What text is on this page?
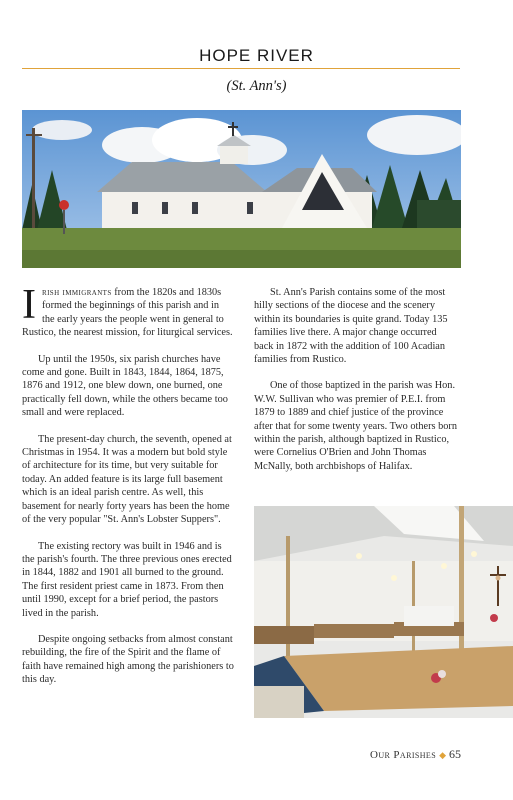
HOPE RIVER
(St. Ann's)

Irish immigrants from the 1820s and 1830s formed the beginnings of this parish and in the early years the people went in general to Rustico, the nearest mission, for liturgical services.

Up until the 1950s, six parish churches have come and gone. Built in 1843, 1844, 1864, 1875, 1876 and 1912, one blew down, one burned, one practically fell down, while the others became too small and were replaced.

The present-day church, the seventh, opened at Christmas in 1954. It was a modern but bold style of architecture for its time, but very suitable for today. An added feature is its large full basement which is an ideal parish centre. As well, this basement for nearly forty years has been the home of the very popular "St. Ann's Lobster Suppers".

The existing rectory was built in 1946 and is the parish's fourth. The three previous ones erected in 1844, 1882 and 1901 all burned to the ground. The first resident priest came in 1873. From then until 1990, except for a brief period, the pastors lived in the parish.

Despite ongoing setbacks from almost constant rebuilding, the fire of the Spirit and the flame of faith have remained high among the parishioners to this day.

St. Ann's Parish contains some of the most hilly sections of the diocese and the scenery within its boundaries is quite grand. Today 135 families live there. A major change occurred back in 1872 with the addition of 100 Acadian families from Rustico.

One of those baptized in the parish was Hon. W.W. Sullivan who was premier of P.E.I. from 1879 to 1889 and chief justice of the province after that for some twenty years. Two others born within the parish, although baptized in Rustico, were Cornelius O'Brien and John Thomas McNally, both archbishops of Halifax.

Our Parishes ◆ 65
